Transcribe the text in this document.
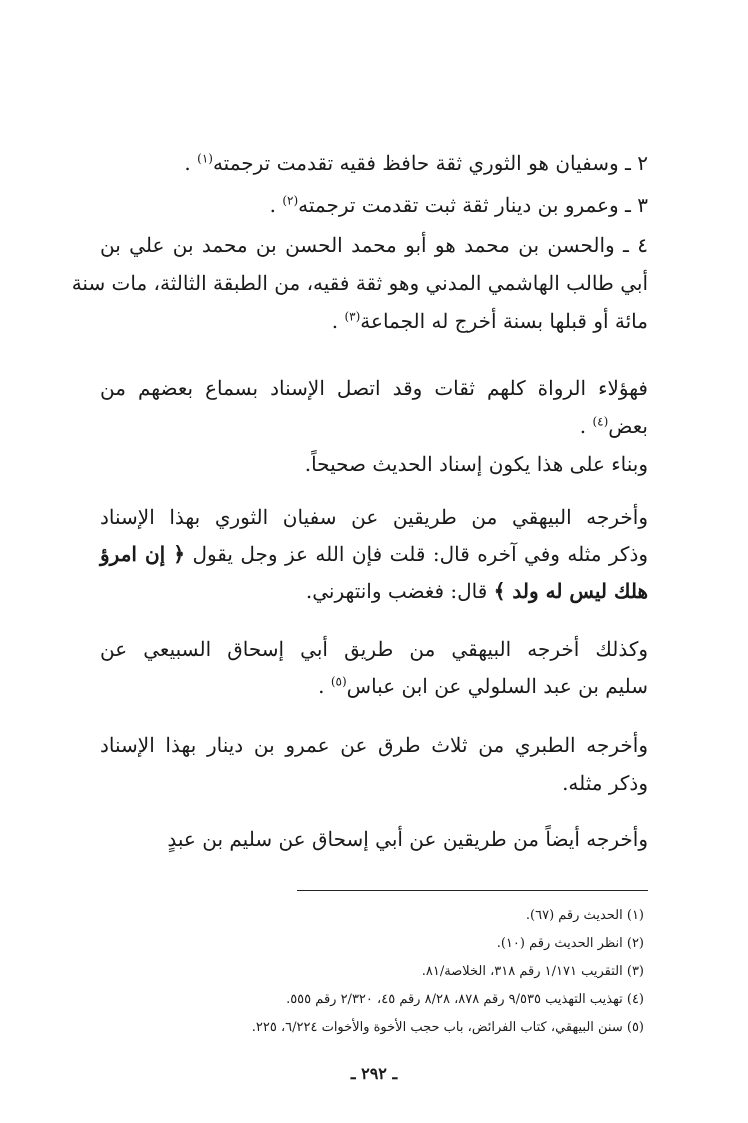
٢ ـ وسفيان هو الثوري ثقة حافظ فقيه تقدمت ترجمته$^{(١)}$ .
٣ ـ وعمرو بن دينار ثقة ثبت تقدمت ترجمته$^{(٢)}$ .
٤ ـ والحسن بن محمد هو أبو محمد الحسن بن محمد بن علي بن
أبي طالب الهاشمي المدني وهو ثقة فقيه، من الطبقة الثالثة، مات سنة
مائة أو قبلها بسنة أخرج له الجماعة$^{(٣)}$ .
فهؤلاء الرواة كلهم ثقات وقد اتصل الإسناد بسماع بعضهم من
بعض$^{(٤)}$ .
وبناء على هذا يكون إسناد الحديث صحيحاً.
وأخرجه البيهقي من طريقين عن سفيان الثوري بهذا الإسناد
وذكر مثله وفي آخره قال: قلت فإن الله عز وجل يقول ﴿ إن امرؤ
هلك ليس له ولد ﴾ قال: فغضب وانتهرني.
وكذلك أخرجه البيهقي من طريق أبي إسحاق السبيعي عن
سليم بن عبد السلولي عن ابن عباس$^{(٥)}$ .
وأخرجه الطبري من ثلاث طرق عن عمرو بن دينار بهذا الإسناد
وذكر مثله.
وأخرجه أيضاً من طريقين عن أبي إسحاق عن سليم بن عبدٍ
(١) الحديث رقم (٦٧).
(٢) انظر الحديث رقم (١٠).
(٣) التقريب ١/١٧١ رقم ٣١٨، الخلاصة/٨١.
(٤) تهذيب التهذيب ٩/٥٣٥ رقم ٨٧٨، ٨/٢٨ رقم ٤٥، ٢/٣٢٠ رقم ٥٥٥.
(٥) سنن البيهقي، كتاب الفرائض، باب حجب الأخوة والأخوات ٦/٢٢٤، ٢٢٥.
ـ ٢٩٢ ـ
